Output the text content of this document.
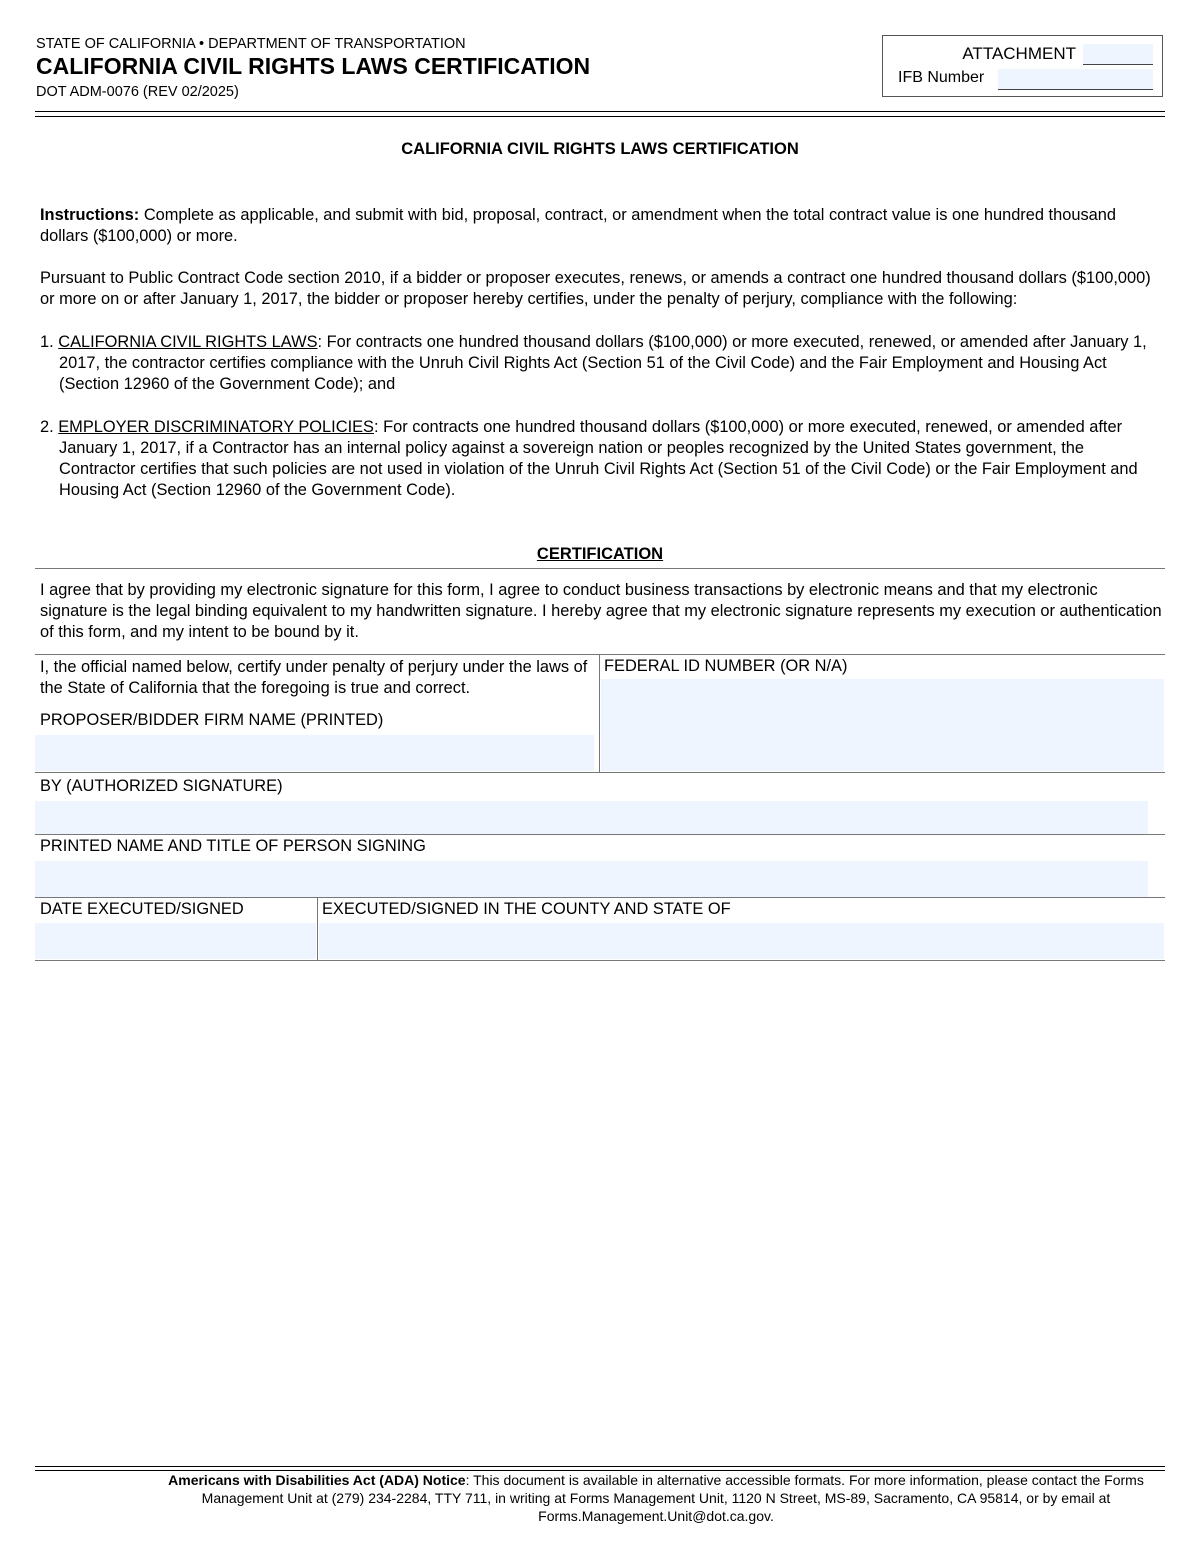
STATE OF CALIFORNIA • DEPARTMENT OF TRANSPORTATION
CALIFORNIA CIVIL RIGHTS LAWS CERTIFICATION
DOT ADM-0076 (REV 02/2025)
ATTACHMENT
IFB Number
CALIFORNIA CIVIL RIGHTS LAWS CERTIFICATION
Instructions: Complete as applicable, and submit with bid, proposal, contract, or amendment when the total contract value is one hundred thousand dollars ($100,000) or more.
Pursuant to Public Contract Code section 2010, if a bidder or proposer executes, renews, or amends a contract one hundred thousand dollars ($100,000) or more on or after January 1, 2017, the bidder or proposer hereby certifies, under the penalty of perjury, compliance with the following:
1. CALIFORNIA CIVIL RIGHTS LAWS: For contracts one hundred thousand dollars ($100,000) or more executed, renewed, or amended after January 1, 2017, the contractor certifies compliance with the Unruh Civil Rights Act (Section 51 of the Civil Code) and the Fair Employment and Housing Act (Section 12960 of the Government Code); and
2. EMPLOYER DISCRIMINATORY POLICIES: For contracts one hundred thousand dollars ($100,000) or more executed, renewed, or amended after January 1, 2017, if a Contractor has an internal policy against a sovereign nation or peoples recognized by the United States government, the Contractor certifies that such policies are not used in violation of the Unruh Civil Rights Act (Section 51 of the Civil Code) or the Fair Employment and Housing Act (Section 12960 of the Government Code).
CERTIFICATION
I agree that by providing my electronic signature for this form, I agree to conduct business transactions by electronic means and that my electronic signature is the legal binding equivalent to my handwritten signature. I hereby agree that my electronic signature represents my execution or authentication of this form, and my intent to be bound by it.
I, the official named below, certify under penalty of perjury under the laws of the State of California that the foregoing is true and correct.
PROPOSER/BIDDER FIRM NAME (PRINTED)
FEDERAL ID NUMBER (OR N/A)
BY (AUTHORIZED SIGNATURE)
PRINTED NAME AND TITLE OF PERSON SIGNING
DATE EXECUTED/SIGNED	EXECUTED/SIGNED IN THE COUNTY AND STATE OF
Americans with Disabilities Act (ADA) Notice: This document is available in alternative accessible formats. For more information, please contact the Forms Management Unit at (279) 234-2284, TTY 711, in writing at Forms Management Unit, 1120 N Street, MS-89, Sacramento, CA 95814, or by email at Forms.Management.Unit@dot.ca.gov.
